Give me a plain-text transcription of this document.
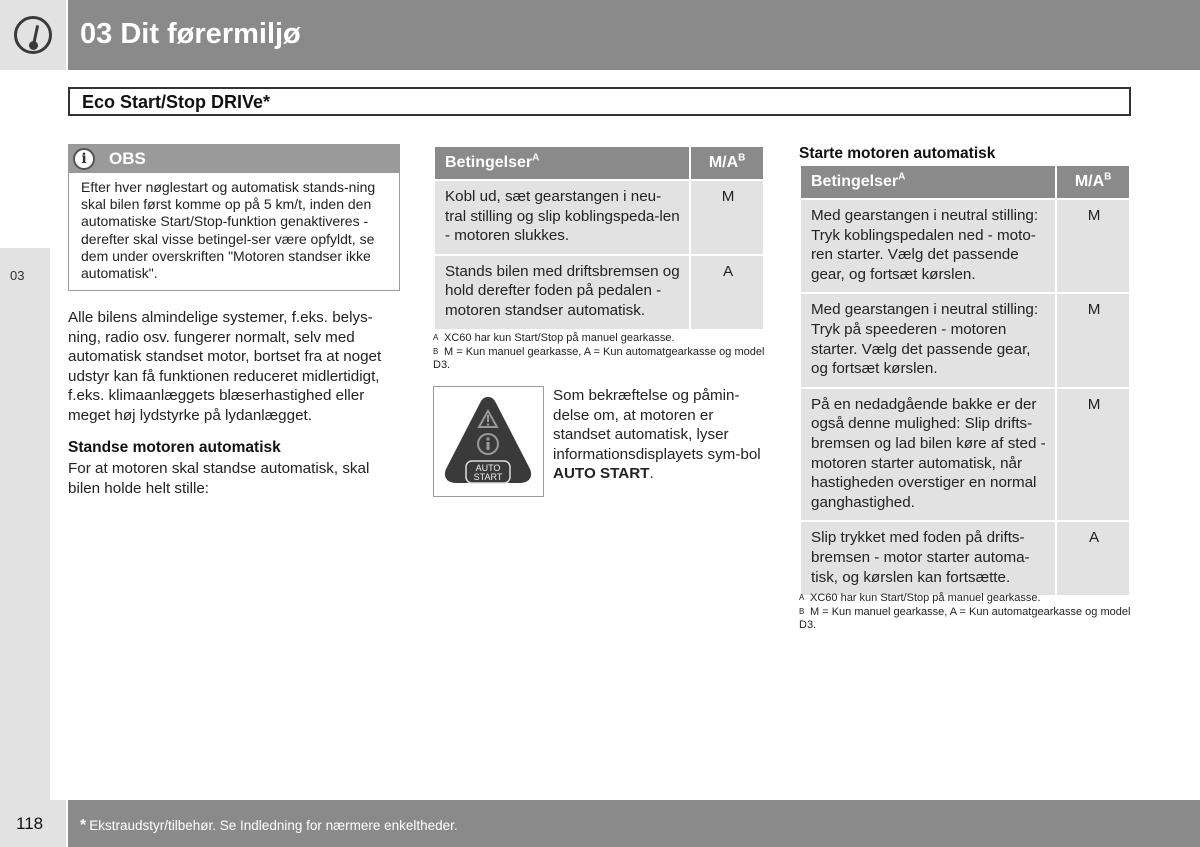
03 Dit førermiljø
03
Eco Start/Stop DRIVe*
i	OBS
Efter hver nøglestart og automatisk stands-ning skal bilen først komme op på 5 km/t, inden den automatiske Start/Stop-funktion genaktiveres - derefter skal visse betingel-ser være opfyldt, se dem under overskriften "Motoren standser ikke automatisk".
Alle bilens almindelige systemer, f.eks. belys-ning, radio osv. fungerer normalt, selv med automatisk standset motor, bortset fra at noget udstyr kan få funktionen reduceret midlertidigt, f.eks. klimaanlæggets blæserhastighed eller meget høj lydstyrke på lydanlægget.
Standse motoren automatisk
For at motoren skal standse automatisk, skal bilen holde helt stille:
Betingelser$^A$	$M/A^B$
Kobl ud, sæt gearstangen i neu-tral stilling og slip koblingspeda-len - motoren slukkes.	M
Stands bilen med driftsbremsen og hold derefter foden på pedalen - motoren standser automatisk.	A
A XC60 har kun Start/Stop på manuel gearkasse.
B M = Kun manuel gearkasse, A = Kun automatgearkasse og model D3.
AUTO
START
Som bekræftelse og påmin-delse om, at motoren er standset automatisk, lyser informationsdisplayets sym-bol AUTO START.
Starte motoren automatisk
Betingelser$^A$	$M/A^B$
Med gearstangen i neutral stilling: Tryk koblingspedalen ned - moto-ren starter. Vælg det passende gear, og fortsæt kørslen.	M
Med gearstangen i neutral stilling: Tryk på speederen - motoren starter. Vælg det passende gear, og fortsæt kørslen.	M
På en nedadgående bakke er der også denne mulighed: Slip drifts-bremsen og lad bilen køre af sted - motoren starter automatisk, når hastigheden overstiger en normal ganghastighed.	M
Slip trykket med foden på drifts-bremsen - motor starter automa-tisk, og kørslen kan fortsætte.	A
A XC60 har kun Start/Stop på manuel gearkasse.
B M = Kun manuel gearkasse, A = Kun automatgearkasse og model D3.
118 * Ekstraudstyr/tilbehør. Se Indledning for nærmere enkeltheder.
